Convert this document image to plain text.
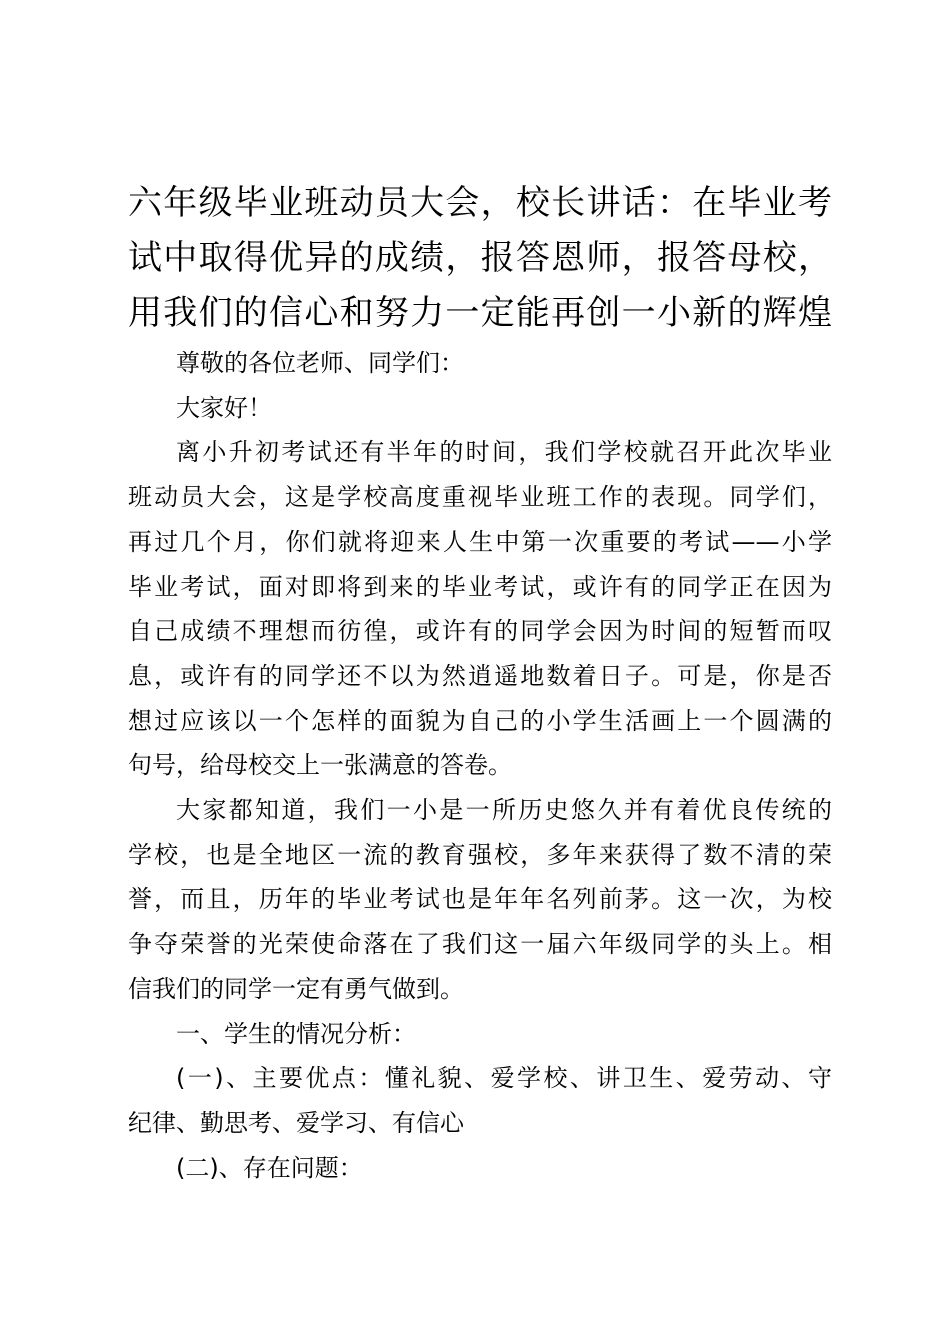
六年级毕业班动员大会，校长讲话：在毕业考
试中取得优异的成绩，报答恩师，报答母校，
用我们的信心和努力一定能再创一小新的辉煌

尊敬的各位老师、同学们：

大家好！

离小升初考试还有半年的时间，我们学校就召开此次毕业
班动员大会，这是学校高度重视毕业班工作的表现。同学们，
再过几个月，你们就将迎来人生中第一次重要的考试——小学
毕业考试，面对即将到来的毕业考试，或许有的同学正在因为
自己成绩不理想而彷徨，或许有的同学会因为时间的短暂而叹
息，或许有的同学还不以为然逍遥地数着日子。可是，你是否
想过应该以一个怎样的面貌为自己的小学生活画上一个圆满的
句号，给母校交上一张满意的答卷。

大家都知道，我们一小是一所历史悠久并有着优良传统的
学校，也是全地区一流的教育强校，多年来获得了数不清的荣
誉，而且，历年的毕业考试也是年年名列前茅。这一次，为校
争夺荣誉的光荣使命落在了我们这一届六年级同学的头上。相
信我们的同学一定有勇气做到。

一、学生的情况分析：

(一)、主要优点：懂礼貌、爱学校、讲卫生、爱劳动、守
纪律、勤思考、爱学习、有信心

(二)、存在问题：
